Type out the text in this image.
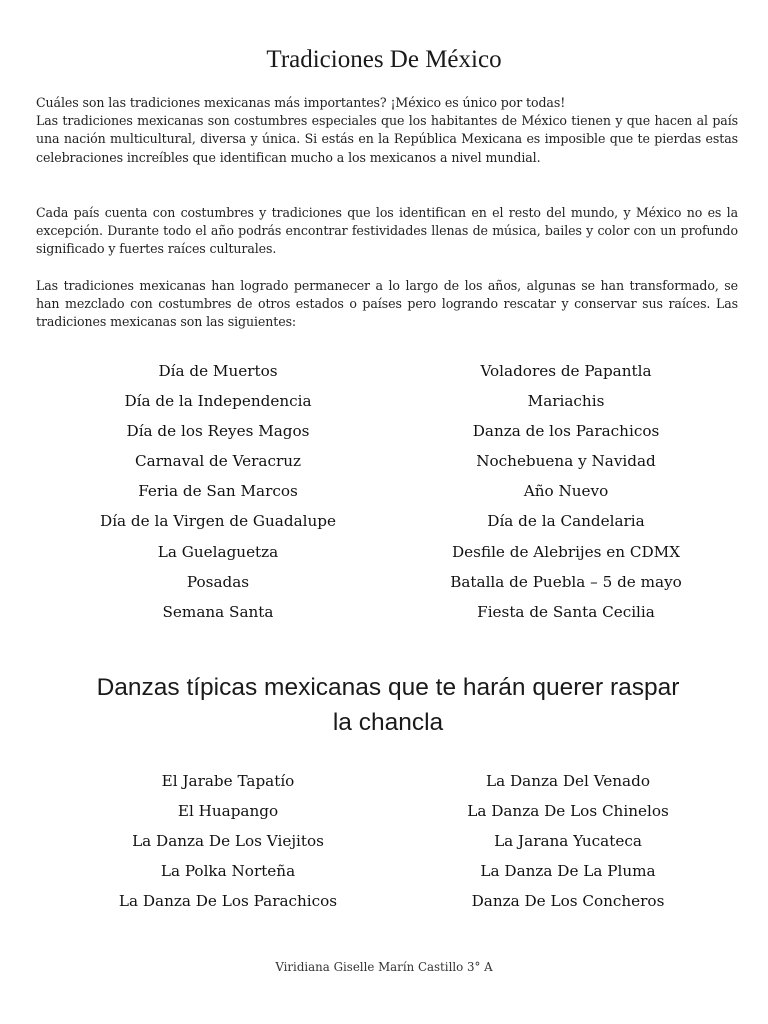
Tradiciones De México

Cuáles son las tradiciones mexicanas más importantes? ¡México es único por todas!
Las tradiciones mexicanas son costumbres especiales que los habitantes de México tienen y que hacen al país una nación multicultural, diversa y única. Si estás en la República Mexicana es imposible que te pierdas estas celebraciones increíbles que identifican mucho a los mexicanos a nivel mundial.

Cada país cuenta con costumbres y tradiciones que los identifican en el resto del mundo, y México no es la excepción. Durante todo el año podrás encontrar festividades llenas de música, bailes y color con un profundo significado y fuertes raíces culturales.

Las tradiciones mexicanas han logrado permanecer a lo largo de los años, algunas se han transformado, se han mezclado con costumbres de otros estados o países pero logrando rescatar y conservar sus raíces. Las tradiciones mexicanas son las siguientes:

Día de Muertos
Día de la Independencia
Día de los Reyes Magos
Carnaval de Veracruz
Feria de San Marcos
Día de la Virgen de Guadalupe
La Guelaguetza
Posadas
Semana Santa
Voladores de Papantla
Mariachis
Danza de los Parachicos
Nochebuena y Navidad
Año Nuevo
Día de la Candelaria
Desfile de Alebrijes en CDMX
Batalla de Puebla – 5 de mayo
Fiesta de Santa Cecilia
Danzas típicas mexicanas que te harán querer raspar
la chancla
El Jarabe Tapatío
El Huapango
La Danza De Los Viejitos
La Polka Norteña
La Danza De Los Parachicos
La Danza Del Venado
La Danza De Los Chinelos
La Jarana Yucateca
La Danza De La Pluma
Danza De Los Concheros
Viridiana Giselle Marín Castillo 3° A
